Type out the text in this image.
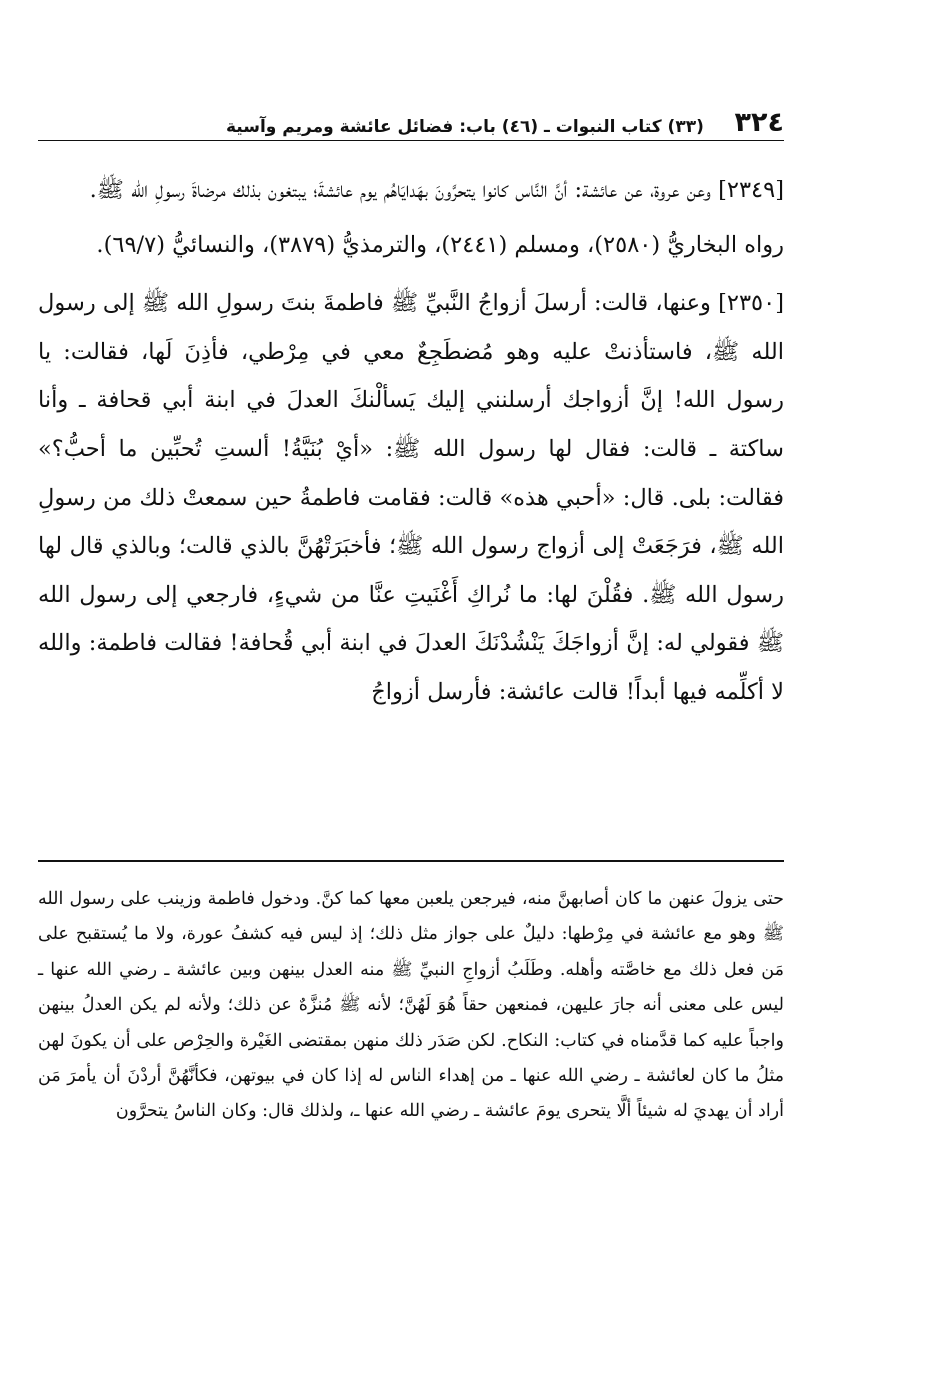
٣٢٤
(٣٣) كتاب النبوات ـ (٤٦) باب: فضائل عائشة ومريم وآسية

[٢٣٤٩] وعن عروة، عن عائشة: أنَّ النَّاس كانوا يتحرَّونَ بهَدايَاهُم يوم عائشةَ؛ يبتغون بذلك مرضاةَ رسولِ الله ﷺ.

رواه البخاريُّ (٢٥٨٠)، ومسلم (٢٤٤١)، والترمذيُّ (٣٨٧٩)، والنسائيُّ (٦٩/٧).

[٢٣٥٠] وعنها، قالت: أرسلَ أزواجُ النَّبيِّ ﷺ فاطمةَ بنتَ رسولِ الله ﷺ إلى رسول الله ﷺ، فاستأذنتْ عليه وهو مُضطَجِعٌ معي في مِرْطي، فأذِنَ لَها، فقالت: يا رسول الله! إنَّ أزواجك أرسلنني إليك يَسألْنكَ العدلَ في ابنة أبي قحافة ـ وأنا ساكتة ـ قالت: فقال لها رسول الله ﷺ: «أيْ بُنَيَّةُ! ألستِ تُحبِّين ما أحبُّ؟» فقالت: بلى. قال: «أحبي هذه» قالت: فقامت فاطمةُ حين سمعتْ ذلك من رسولِ الله ﷺ، فرَجَعَتْ إلى أزواج رسول الله ﷺ؛ فأخبَرَتْهُنَّ بالذي قالت؛ وبالذي قال لها رسول الله ﷺ. فقُلْنَ لها: ما نُراكِ أَغْنَيتِ عنَّا من شيءٍ، فارجعي إلى رسول الله ﷺ فقولي له: إنَّ أزواجَكَ يَنْشُدْنَكَ العدلَ في ابنة أبي قُحافة! فقالت فاطمة: والله لا أكلِّمه فيها أبداً! قالت عائشة: فأرسل أزواجُ

حتى يزولَ عنهن ما كان أصابهنَّ منه، فيرجعن يلعبن معها كما كنَّ. ودخول فاطمة وزينب على رسول الله ﷺ وهو مع عائشة في مِرْطها: دليلٌ على جواز مثل ذلك؛ إذ ليس فيه كشفُ عورة، ولا ما يُستقبح على مَن فعل ذلك مع خاصَّته وأهله. وطَلَبُ أزواجِ النبيِّ ﷺ منه العدل بينهن وبين عائشة ـ رضي الله عنها ـ ليس على معنى أنه جارَ عليهن، فمنعهن حقاً هُوَ لَهُنَّ؛ لأنه ﷺ مُنزَّهٌ عن ذلك؛ ولأنه لم يكن العدلُ بينهن واجباً عليه كما قدَّمناه في كتاب: النكاح. لكن صَدَر ذلك منهن بمقتضى الغَيْرة والحِرْص على أن يكونَ لهن مثلُ ما كان لعائشة ـ رضي الله عنها ـ من إهداء الناس له إذا كان في بيوتهن، فكأنَّهُنَّ أردْنَ أن يأمرَ مَن أراد أن يهديَ له شيئاً ألَّا يتحرى يومَ عائشة ـ رضي الله عنها ـ، ولذلك قال: وكان الناسُ يتحرَّون
